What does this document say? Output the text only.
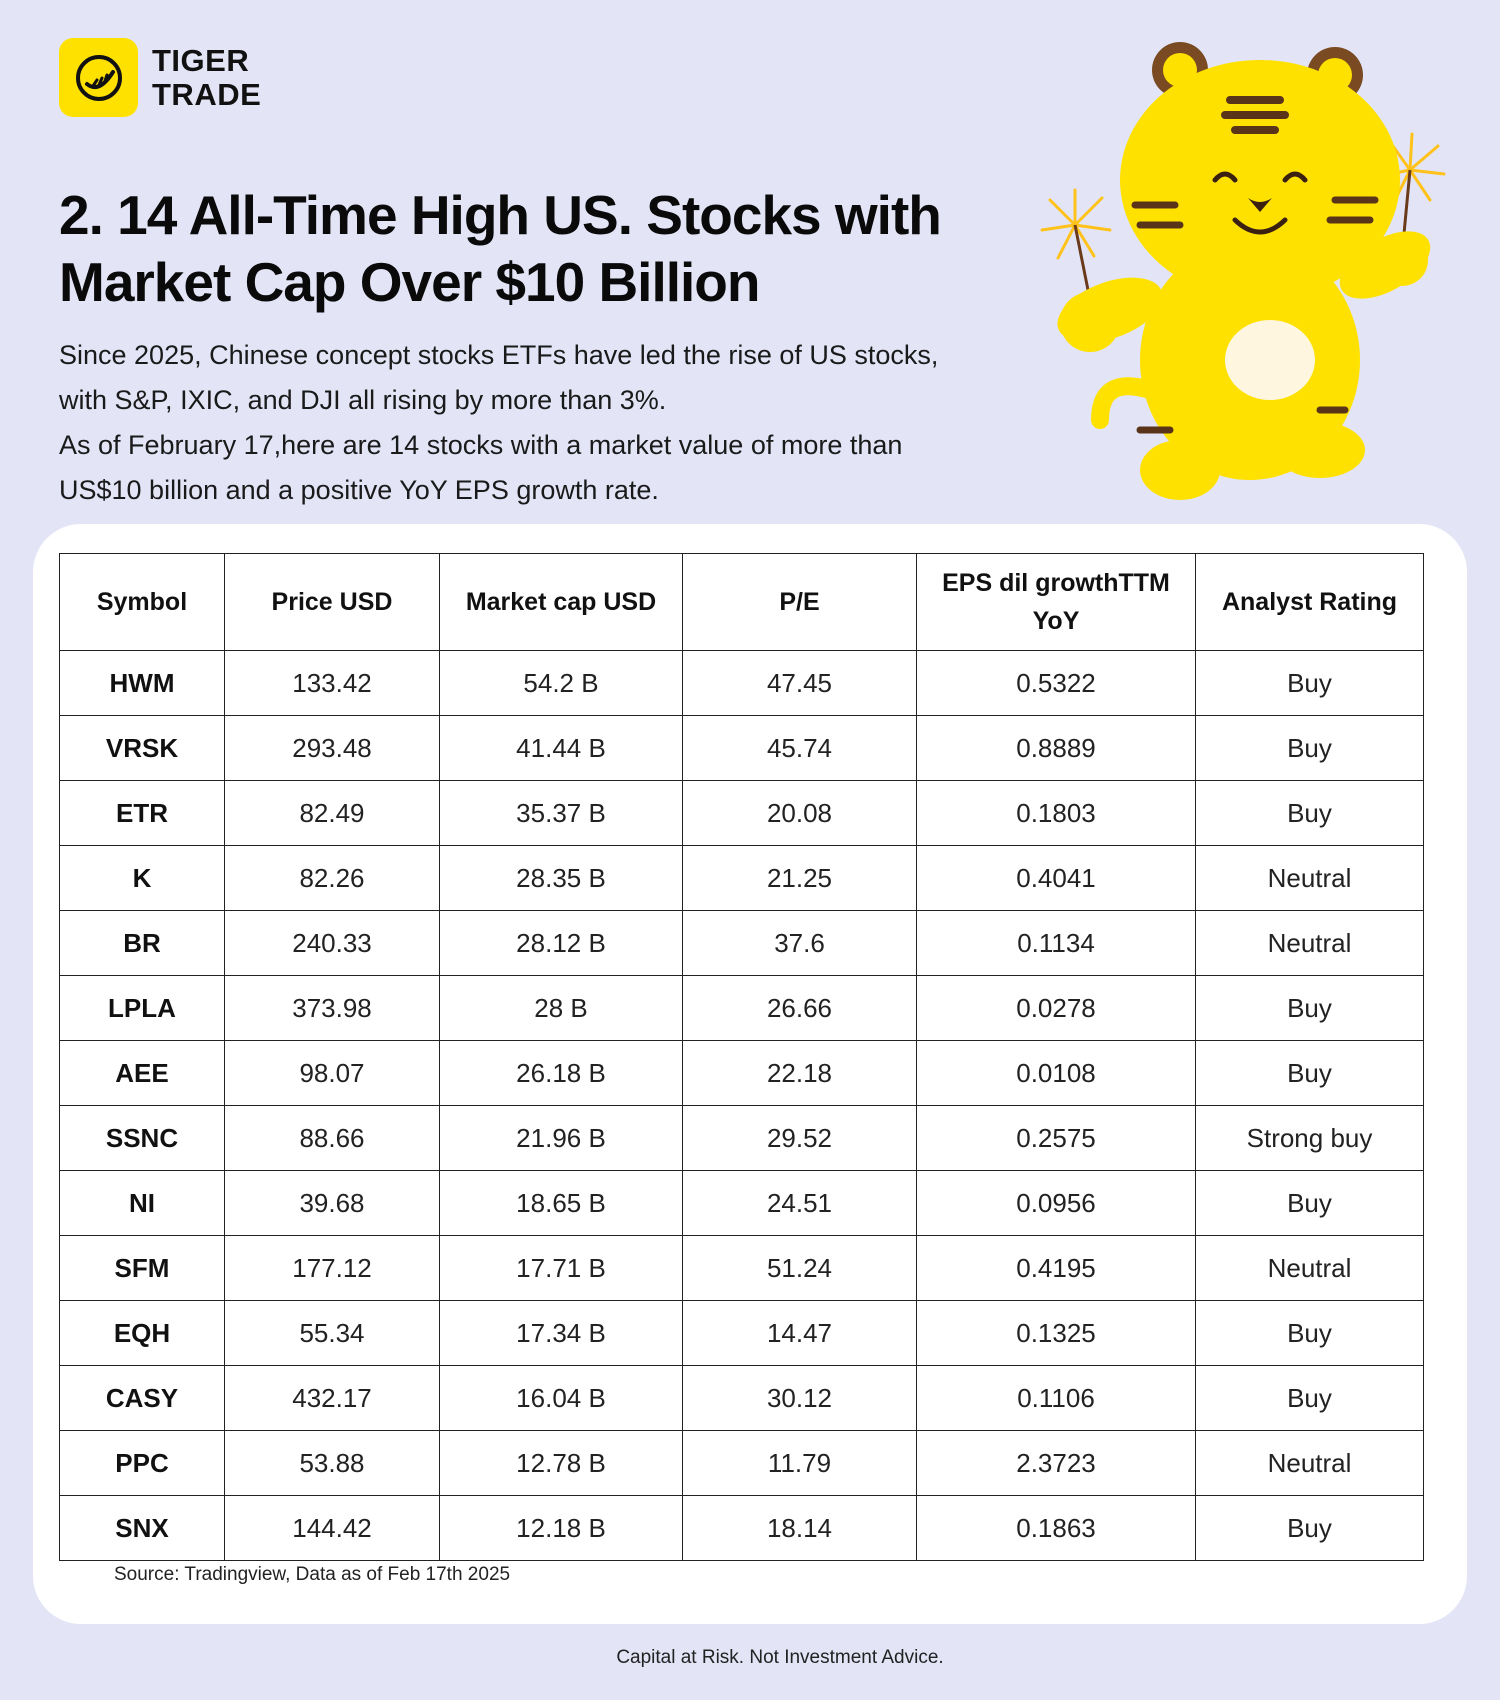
TIGER
TRADE
2. 14 All-Time High US. Stocks with
Market Cap Over $10 Billion
Since 2025, Chinese concept stocks ETFs have led the rise of US stocks,
with S&P, IXIC, and DJI all rising by more than 3%.
As of February 17,here are 14 stocks with a market value of more than
US$10 billion and a positive YoY EPS growth rate.
Symbol	Price USD	Market cap USD	P/E	EPS dil growthTTM YoY	Analyst Rating
HWM	133.42	54.2 B	47.45	0.5322	Buy
VRSK	293.48	41.44 B	45.74	0.8889	Buy
ETR	82.49	35.37 B	20.08	0.1803	Buy
K	82.26	28.35 B	21.25	0.4041	Neutral
BR	240.33	28.12 B	37.6	0.1134	Neutral
LPLA	373.98	28 B	26.66	0.0278	Buy
AEE	98.07	26.18 B	22.18	0.0108	Buy
SSNC	88.66	21.96 B	29.52	0.2575	Strong buy
NI	39.68	18.65 B	24.51	0.0956	Buy
SFM	177.12	17.71 B	51.24	0.4195	Neutral
EQH	55.34	17.34 B	14.47	0.1325	Buy
CASY	432.17	16.04 B	30.12	0.1106	Buy
PPC	53.88	12.78 B	11.79	2.3723	Neutral
SNX	144.42	12.18 B	18.14	0.1863	Buy
Source: Tradingview, Data as of Feb 17th 2025
Capital at Risk. Not Investment Advice.
